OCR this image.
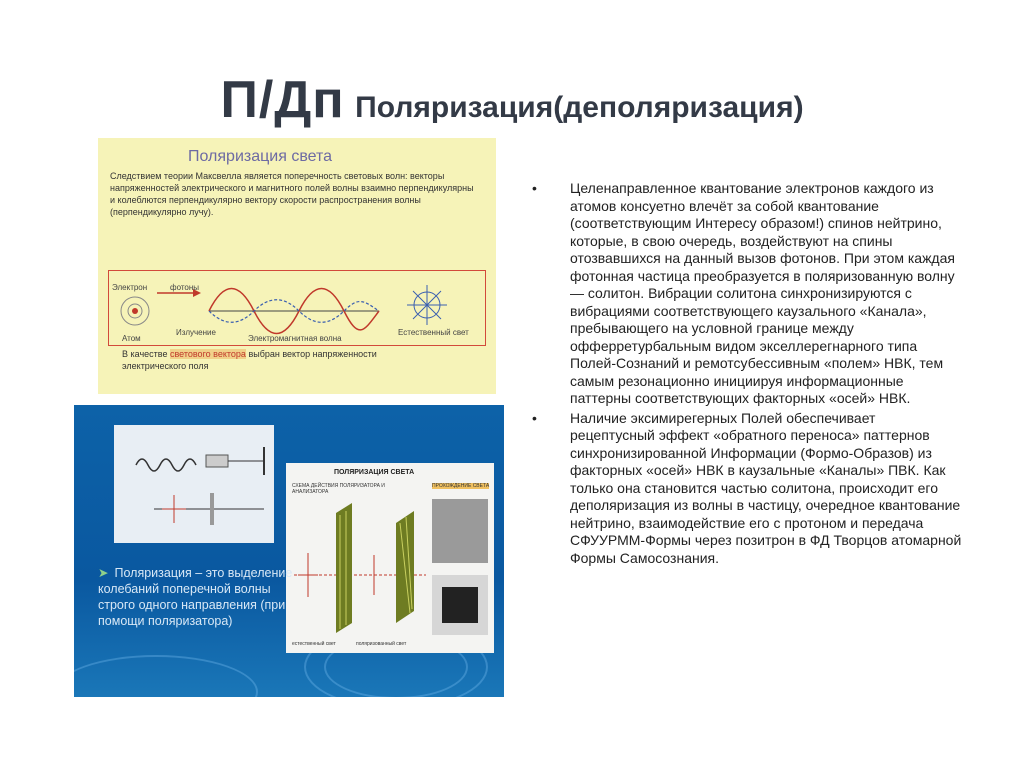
П/Дп Поляризация(деполяризация)
Поляризация света
Следствием теории Максвелла является поперечность световых волн: векторы напряженностей электрического и магнитного полей волны взаимно перпендикулярны и колеблются перпендикулярно вектору скорости распространения волны (перпендикулярно лучу).
Электрон	фотоны
Атом
Излучение
Электромагнитная волна
Естественный свет
В качестве светового вектора выбран вектор напряженности электрического поля
ПОЛЯРИЗАЦИЯ СВЕТА
СХЕМА ДЕЙСТВИЯ ПОЛЯРИЗАТОРА И АНАЛИЗАТОРА
ПРОХОЖДЕНИЕ СВЕТА
естественный свет	поляризованный свет
➤ Поляризация – это выделение колебаний поперечной волны строго одного направления (при помощи поляризатора)
• Целенаправленное квантование электронов каждого из атомов консуетно влечёт за собой квантование (соответствующим Интересу образом!) спинов нейтрино, которые, в свою очередь, воздействуют на спины отозвавшихся на данный вызов фотонов. При этом каждая фотонная частица преобразуется в поляризованную волну — солитон. Вибрации солитона синхронизируются с вибрациями соответствующего каузального «Канала», пребывающего на условной границе между офферретурбальным видом экселлерегнарного типа Полей-Сознаний и ремотсубессивным «полем» НВК, тем самым резонационно инициируя информационные паттерны соответствующих факторных «осей» НВК.
• Наличие эксимирегерных Полей обеспечивает рецептусный эффект «обратного переноса» паттернов синхронизированной Информации (Формо-Образов) из факторных «осей» НВК в каузальные «Каналы» ПВК. Как только она становится частью солитона, происходит его деполяризация из волны в частицу, очередное квантование нейтрино, взаимодействие его с протоном и передача СФУУРММ-Формы через позитрон в ФД Творцов атомарной Формы Самосознания.
